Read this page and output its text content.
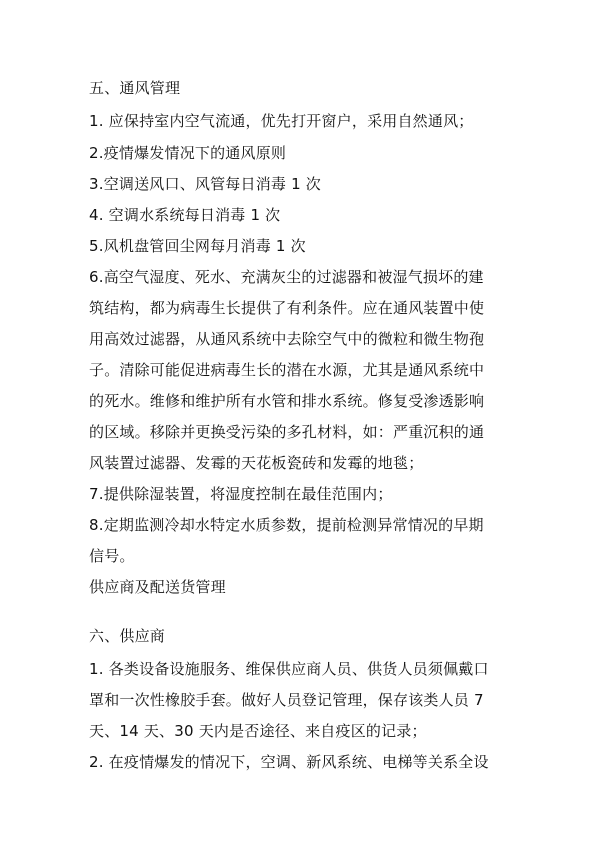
五、通风管理
1. 应保持室内空气流通，优先打开窗户，采用自然通风；
2.疫情爆发情况下的通风原则
3.空调送风口、风管每日消毒 1 次
4. 空调水系统每日消毒 1 次
5.风机盘管回尘网每月消毒 1 次
6.高空气湿度、死水、充满灰尘的过滤器和被湿气损坏的建
筑结构，都为病毒生长提供了有利条件。应在通风装置中使
用高效过滤器，从通风系统中去除空气中的微粒和微生物孢
子。清除可能促进病毒生长的潜在水源，尤其是通风系统中
的死水。维修和维护所有水管和排水系统。修复受渗透影响
的区域。移除并更换受污染的多孔材料，如：严重沉积的通
风装置过滤器、发霉的天花板瓷砖和发霉的地毯；
7.提供除湿装置，将湿度控制在最佳范围内；
8.定期监测冷却水特定水质参数，提前检测异常情况的早期
信号。
供应商及配送货管理
六、供应商
1. 各类设备设施服务、维保供应商人员、供货人员须佩戴口
罩和一次性橡胶手套。做好人员登记管理，保存该类人员 7
天、14 天、30 天内是否途径、来自疫区的记录；
2. 在疫情爆发的情况下，空调、新风系统、电梯等关系全设
